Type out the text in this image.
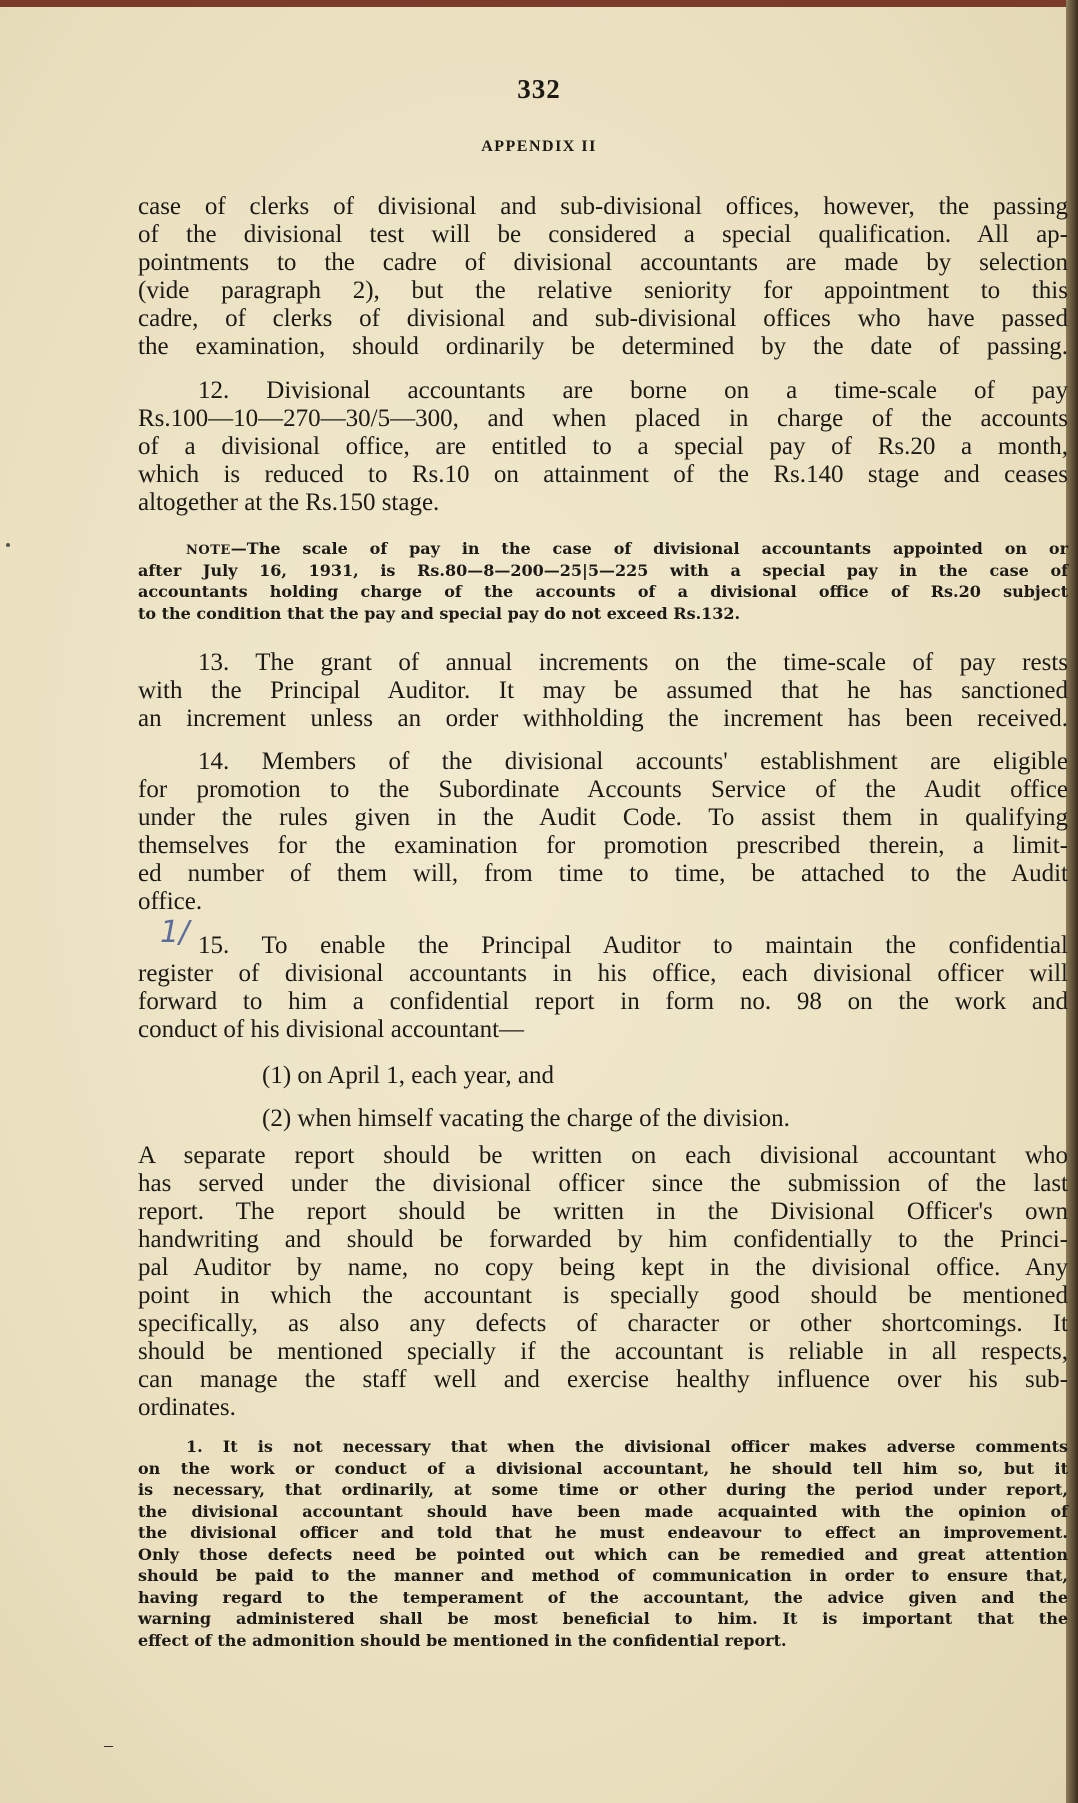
332
APPENDIX II
case of clerks of divisional and sub-divisional offices, however, the passing
of the divisional test will be considered a special qualification. All ap-
pointments to the cadre of divisional accountants are made by selection
(vide paragraph 2), but the relative seniority for appointment to this
cadre, of clerks of divisional and sub-divisional offices who have passed
the examination, should ordinarily be determined by the date of passing.
12. Divisional accountants are borne on a time-scale of pay
Rs.100—10—270—30/5—300, and when placed in charge of the accounts
of a divisional office, are entitled to a special pay of Rs.20 a month,
which is reduced to Rs.10 on attainment of the Rs.140 stage and ceases
altogether at the Rs.150 stage.
NOTE—The scale of pay in the case of divisional accountants appointed on or
after July 16, 1931, is Rs.80—8—200—25|5—225 with a special pay in the case of
accountants holding charge of the accounts of a divisional office of Rs.20 subject
to the condition that the pay and special pay do not exceed Rs.132.
13. The grant of annual increments on the time-scale of pay rests
with the Principal Auditor. It may be assumed that he has sanctioned
an increment unless an order withholding the increment has been received.
14. Members of the divisional accounts' establishment are eligible
for promotion to the Subordinate Accounts Service of the Audit office
under the rules given in the Audit Code. To assist them in qualifying
themselves for the examination for promotion prescribed therein, a limit-
ed number of them will, from time to time, be attached to the Audit
office.
1/ 15. To enable the Principal Auditor to maintain the confidential
register of divisional accountants in his office, each divisional officer will
forward to him a confidential report in form no. 98 on the work and
conduct of his divisional accountant—
(1) on April 1, each year, and
(2) when himself vacating the charge of the division.
A separate report should be written on each divisional accountant who
has served under the divisional officer since the submission of the last
report. The report should be written in the Divisional Officer's own
handwriting and should be forwarded by him confidentially to the Princi-
pal Auditor by name, no copy being kept in the divisional office. Any
point in which the accountant is specially good should be mentioned
specifically, as also any defects of character or other shortcomings. It
should be mentioned specially if the accountant is reliable in all respects,
can manage the staff well and exercise healthy influence over his sub-
ordinates.
1. It is not necessary that when the divisional officer makes adverse comments
on the work or conduct of a divisional accountant, he should tell him so, but it
is necessary, that ordinarily, at some time or other during the period under report,
the divisional accountant should have been made acquainted with the opinion of
the divisional officer and told that he must endeavour to effect an improvement.
Only those defects need be pointed out which can be remedied and great attention
should be paid to the manner and method of communication in order to ensure that,
having regard to the temperament of the accountant, the advice given and the
warning administered shall be most beneficial to him. It is important that the
effect of the admonition should be mentioned in the confidential report.
–
